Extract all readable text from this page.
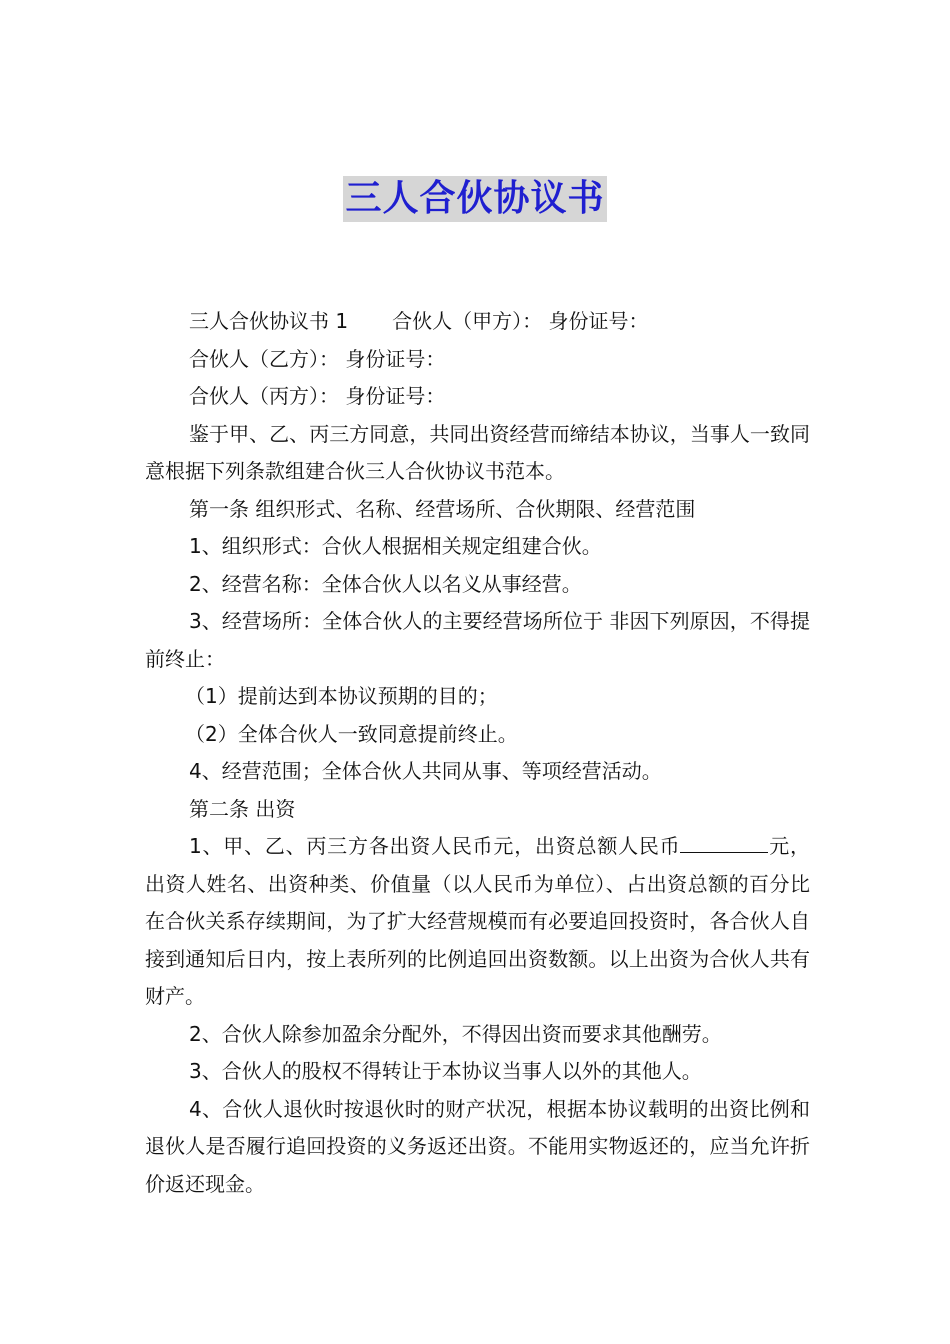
三人合伙协议书

三人合伙协议书 1 合伙人（甲方）： 身份证号：

合伙人（乙方）： 身份证号：

合伙人（丙方）： 身份证号：

鉴于甲、乙、丙三方同意，共同出资经营而缔结本协议，当事人一致同意根据下列条款组建合伙三人合伙协议书范本。

第一条 组织形式、名称、经营场所、合伙期限、经营范围

1、组织形式：合伙人根据相关规定组建合伙。

2、经营名称：全体合伙人以名义从事经营。

3、经营场所：全体合伙人的主要经营场所位于 非因下列原因，不得提前终止：

（1）提前达到本协议预期的目的；

（2）全体合伙人一致同意提前终止。

4、经营范围；全体合伙人共同从事、等项经营活动。

第二条 出资

1、甲、乙、丙三方各出资人民币元，出资总额人民币	元， 出资人姓名、出资种类、价值量（以人民币为单位）、占出资总额的百分比在合伙关系存续期间，为了扩大经营规模而有必要追回投资时，各合伙人自接到通知后日内，按上表所列的比例追回出资数额。以上出资为合伙人共有财产。

2、合伙人除参加盈余分配外，不得因出资而要求其他酬劳。

3、合伙人的股权不得转让于本协议当事人以外的其他人。

4、合伙人退伙时按退伙时的财产状况，根据本协议载明的出资比例和退伙人是否履行追回投资的义务返还出资。不能用实物返还的，应当允许折价返还现金。
